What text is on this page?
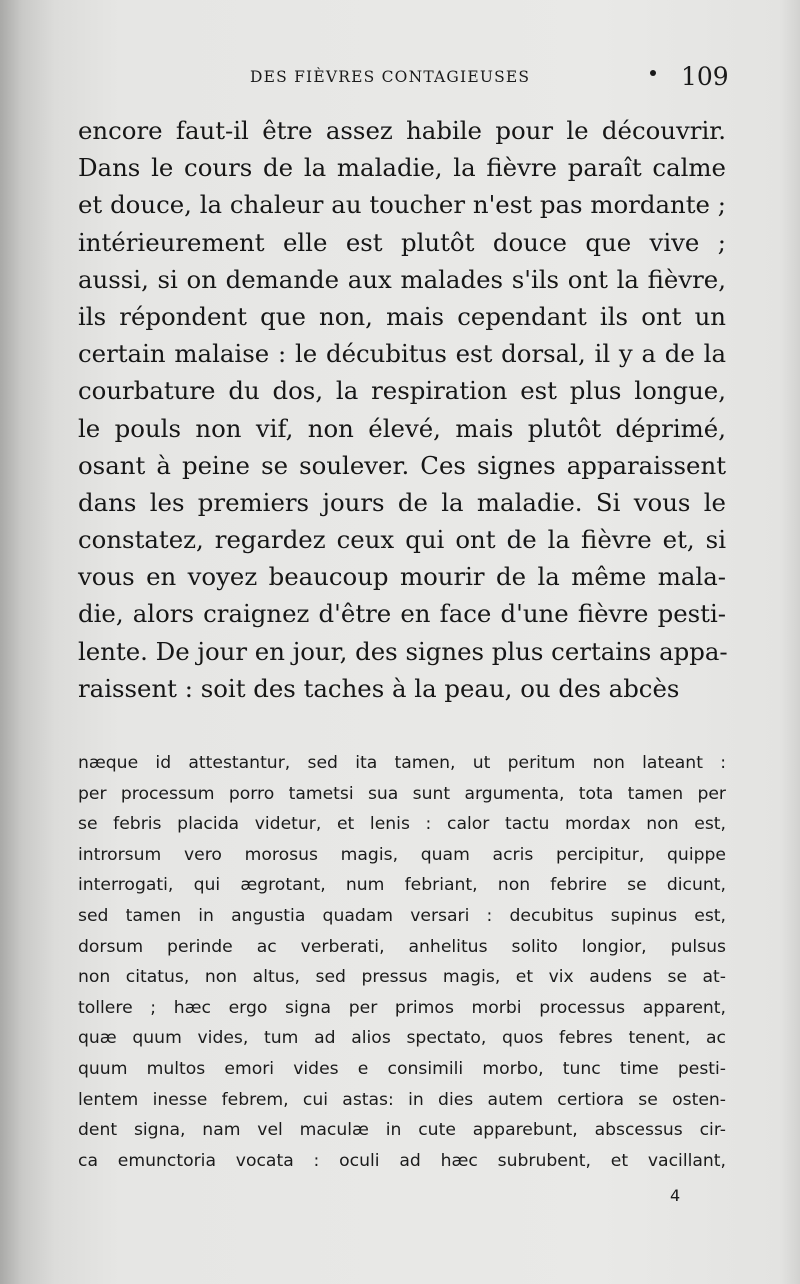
DES FIÈVRES CONTAGIEUSES	109
encore faut-il être assez habile pour le découvrir.
Dans le cours de la maladie, la fièvre paraît calme
et douce, la chaleur au toucher n'est pas mordante ;
intérieurement elle est plutôt douce que vive ;
aussi, si on demande aux malades s'ils ont la fièvre,
ils répondent que non, mais cependant ils ont un
certain malaise : le décubitus est dorsal, il y a de la
courbature du dos, la respiration est plus longue,
le pouls non vif, non élevé, mais plutôt déprimé,
osant à peine se soulever. Ces signes apparaissent
dans les premiers jours de la maladie. Si vous le
constatez, regardez ceux qui ont de la fièvre et, si
vous en voyez beaucoup mourir de la même mala-
die, alors craignez d'être en face d'une fièvre pesti-
lente. De jour en jour, des signes plus certains appa-
raissent : soit des taches à la peau, ou des abcès
næque id attestantur, sed ita tamen, ut peritum non lateant :
per processum porro tametsi sua sunt argumenta, tota tamen per
se febris placida videtur, et lenis : calor tactu mordax non est,
introrsum vero morosus magis, quam acris percipitur, quippe
interrogati, qui ægrotant, num febriant, non febrire se dicunt,
sed tamen in angustia quadam versari : decubitus supinus est,
dorsum perinde ac verberati, anhelitus solito longior, pulsus
non citatus, non altus, sed pressus magis, et vix audens se at-
tollere ; hæc ergo signa per primos morbi processus apparent,
quæ quum vides, tum ad alios spectato, quos febres tenent, ac
quum multos emori vides e consimili morbo, tunc time pesti-
lentem inesse febrem, cui astas: in dies autem certiora se osten-
dent signa, nam vel maculæ in cute apparebunt, abscessus cir-
ca emunctoria vocata : oculi ad hæc subrubent, et vacillant,
4
